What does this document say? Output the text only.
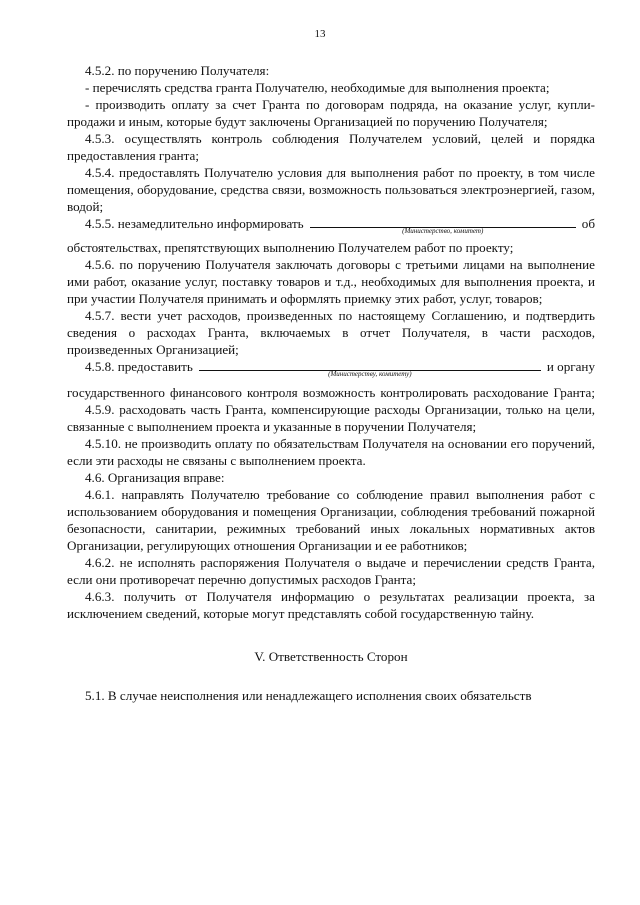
13

4.5.2. по поручению Получателя:

- перечислять средства гранта Получателю, необходимые для выполнения проекта;

- производить оплату за счет Гранта по договорам подряда, на оказание услуг, купли-продажи и иным, которые будут заключены Организацией по поручению Получателя;

4.5.3. осуществлять контроль соблюдения Получателем условий, целей и порядка предоставления гранта;

4.5.4. предоставлять Получателю условия для выполнения работ по проекту, в том числе помещения, оборудование, средства связи, возможность пользоваться электроэнергией, газом, водой;

4.5.5. незамедлительно информировать	(Министерство, комитет)	об

обстоятельствах, препятствующих выполнению Получателем работ по проекту;

4.5.6. по поручению Получателя заключать договоры с третьими лицами на выполнение ими работ, оказание услуг, поставку товаров и т.д., необходимых для выполнения проекта, и при участии Получателя принимать и оформлять приемку этих работ, услуг, товаров;

4.5.7. вести учет расходов, произведенных по настоящему Соглашению, и подтвердить сведения о расходах Гранта, включаемых в отчет Получателя, в части расходов, произведенных Организацией;

4.5.8. предоставить	(Министерству, комитету)	и органу

государственного финансового контроля возможность контролировать расходование Гранта;

4.5.9. расходовать часть Гранта, компенсирующие расходы Организации, только на цели, связанные с выполнением проекта и указанные в поручении Получателя;

4.5.10. не производить оплату по обязательствам Получателя на основании его поручений, если эти расходы не связаны с выполнением проекта.

4.6. Организация вправе:

4.6.1. направлять Получателю требование со соблюдение правил выполнения работ с использованием оборудования и помещения Организации, соблюдения требований пожарной безопасности, санитарии, режимных требований иных локальных нормативных актов Организации, регулирующих отношения Организации и ее работников;

4.6.2. не исполнять распоряжения Получателя о выдаче и перечислении средств Гранта, если они противоречат перечню допустимых расходов Гранта;

4.6.3. получить от Получателя информацию о результатах реализации проекта, за исключением сведений, которые могут представлять собой государственную тайну.

V. Ответственность Сторон

5.1. В случае неисполнения или ненадлежащего исполнения своих обязательств
